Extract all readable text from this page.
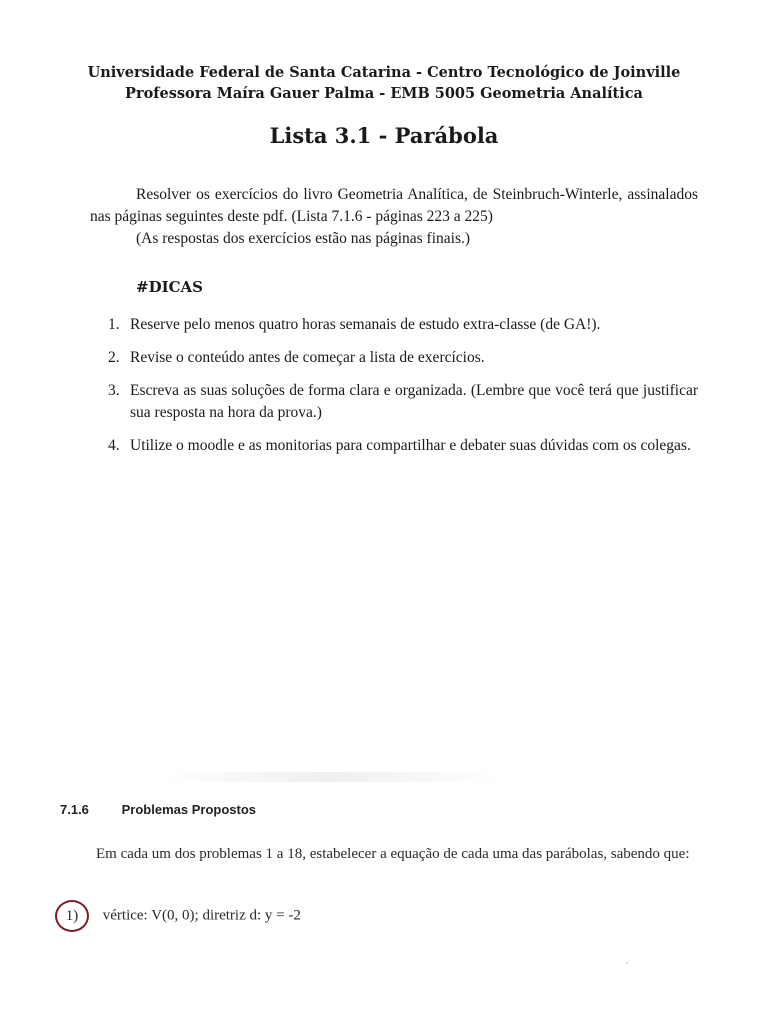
Universidade Federal de Santa Catarina - Centro Tecnológico de Joinville
Professora Maíra Gauer Palma - EMB 5005 Geometria Analítica
Lista 3.1 - Parábola

Resolver os exercícios do livro Geometria Analítica, de Steinbruch-Winterle, assinalados nas páginas seguintes deste pdf. (Lista 7.1.6 - páginas 223 a 225)

(As respostas dos exercícios estão nas páginas finais.)

#DICAS
1. Reserve pelo menos quatro horas semanais de estudo extra-classe (de GA!).
2. Revise o conteúdo antes de começar a lista de exercícios.
3. Escreva as suas soluções de forma clara e organizada. (Lembre que você terá que justificar sua resposta na hora da prova.)
4. Utilize o moodle e as monitorias para compartilhar e debater suas dúvidas com os colegas.
7.1.6	Problemas Propostos

Em cada um dos problemas 1 a 18, estabelecer a equação de cada uma das parábolas, sabendo que:

1) vértice: V(0, 0); diretriz d: y = -2
